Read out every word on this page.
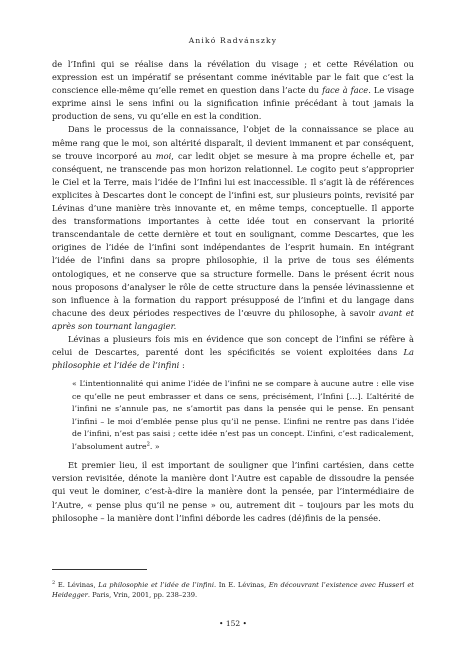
Anikó Radvánszky

de l’Infini qui se réalise dans la révélation du visage ; et cette Révélation ou expression est un impératif se présentant comme inévitable par le fait que c’est la conscience elle-même qu’elle remet en question dans l’acte du face à face. Le visage exprime ainsi le sens infini ou la signification infinie précédant à tout jamais la production de sens, vu qu’elle en est la condition.

Dans le processus de la connaissance, l’objet de la connaissance se place au même rang que le moi, son altérité disparaît, il devient immanent et par conséquent, se trouve incorporé au moi, car ledit objet se mesure à ma propre échelle et, par conséquent, ne transcende pas mon horizon relationnel. Le cogito peut s’approprier le Ciel et la Terre, mais l’idée de l’Infini lui est inaccessible. Il s’agit là de références explicites à Descartes dont le concept de l’infini est, sur plusieurs points, revisité par Lévinas d’une manière très innovante et, en même temps, conceptuelle. Il apporte des transformations importantes à cette idée tout en conservant la priorité transcendantale de cette dernière et tout en soulignant, comme Descartes, que les origines de l’idée de l’infini sont indépendantes de l’esprit humain. En intégrant l’idée de l’infini dans sa propre philosophie, il la prive de tous ses éléments ontologiques, et ne conserve que sa structure formelle. Dans le présent écrit nous nous proposons d’analyser le rôle de cette structure dans la pensée lévinassienne et son influence à la formation du rapport présupposé de l’infini et du langage dans chacune des deux périodes respectives de l’œuvre du philosophe, à savoir avant et après son tournant langagier.

Lévinas a plusieurs fois mis en évidence que son concept de l’infini se réfère à celui de Descartes, parenté dont les spécificités se voient exploitées dans La philosophie et l’idée de l’infini :

« L’intentionnalité qui anime l’idée de l’infini ne se compare à aucune autre : elle vise ce qu’elle ne peut embrasser et dans ce sens, précisément, l’Infini […]. L’altérité de l’infini ne s’annule pas, ne s’amortit pas dans la pensée qui le pense. En pensant l’infini – le moi d’emblée pense plus qu’il ne pense. L’infini ne rentre pas dans l’idée de l’infini, n’est pas saisi ; cette idée n’est pas un concept. L’infini, c’est radicalement, l’absolument autre$^2$. »

Et premier lieu, il est important de souligner que l’infini cartésien, dans cette version revisitée, dénote la manière dont l’Autre est capable de dissoudre la pensée qui veut le dominer, c’est-à-dire la manière dont la pensée, par l’intermédiaire de l’Autre, « pense plus qu’il ne pense » ou, autrement dit – toujours par les mots du philosophe – la manière dont l’infini déborde les cadres (dé)finis de la pensée.

$^2$ E. Lévinas, La philosophie et l’idée de l’infini. In E. Lévinas, En découvrant l’existence avec Husserl et Heidegger. Paris, Vrin, 2001, pp. 238–239.
• 152 •
